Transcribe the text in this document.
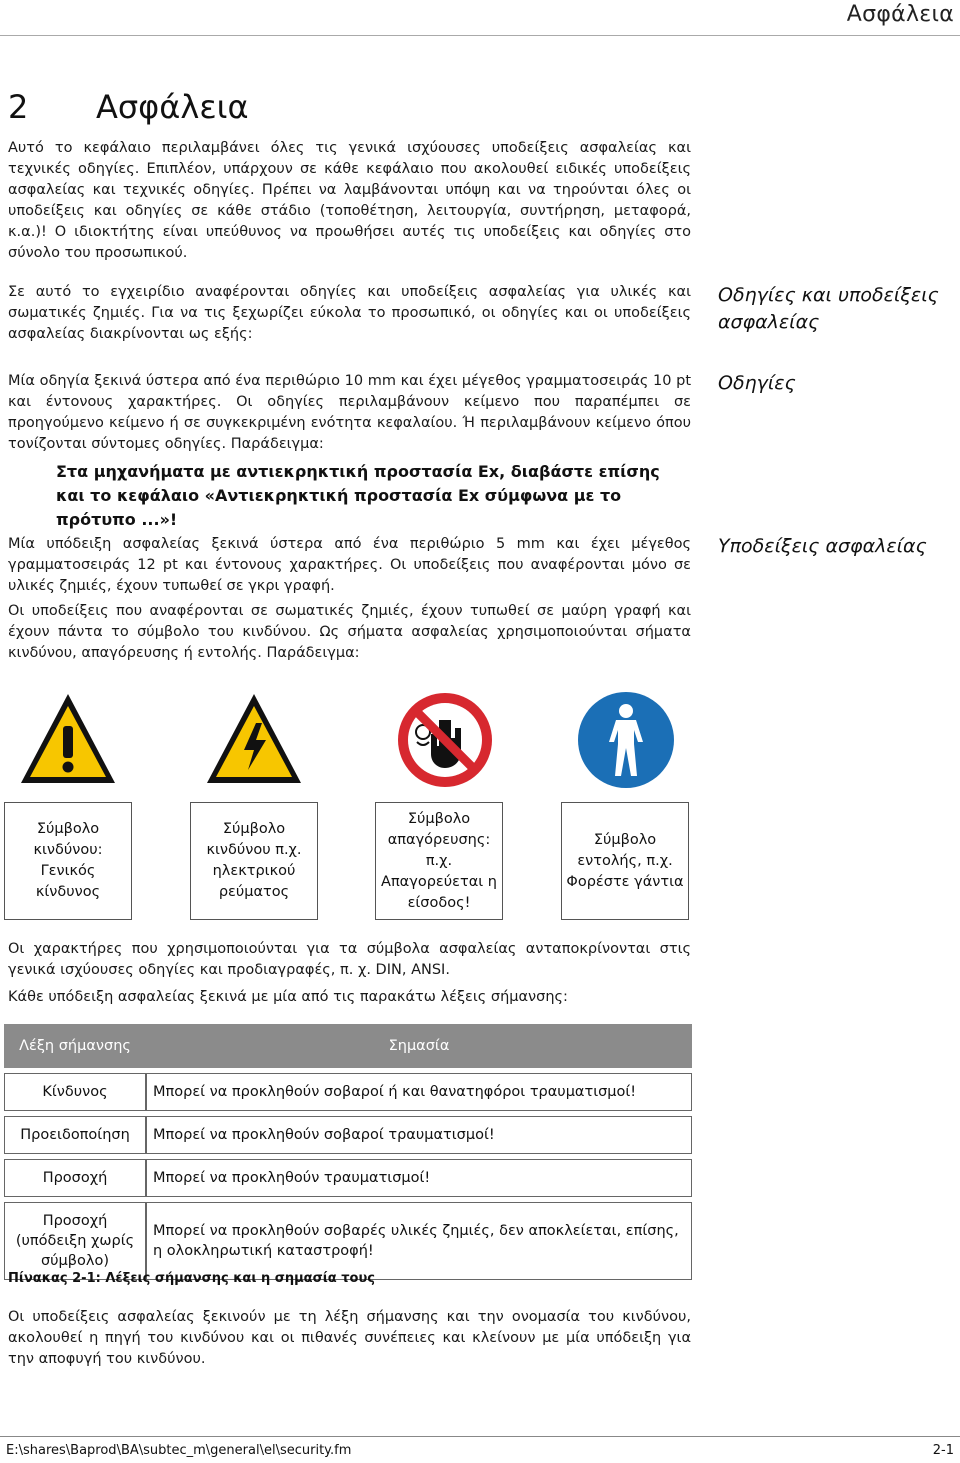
Ασφάλεια
2 Ασφάλεια
Αυτό το κεφάλαιο περιλαμβάνει όλες τις γενικά ισχύουσες υποδείξεις ασφαλείας και τεχνικές οδηγίες. Επιπλέον, υπάρχουν σε κάθε κεφάλαιο που ακολουθεί ειδικές υποδείξεις ασφαλείας και τεχνικές οδηγίες. Πρέπει να λαμβάνονται υπόψη και να τηρούνται όλες οι υποδείξεις και οδηγίες σε κάθε στάδιο (τοποθέτηση, λειτουργία, συντήρηση, μεταφορά, κ.α.)! Ο ιδιοκτήτης είναι υπεύθυνος να προωθήσει αυτές τις υποδείξεις και οδηγίες στο σύνολο του προσωπικού.
Σε αυτό το εγχειρίδιο αναφέρονται οδηγίες και υποδείξεις ασφαλείας για υλικές και σωματικές ζημιές. Για να τις ξεχωρίζει εύκολα το προσωπικό, οι οδηγίες και οι υποδείξεις ασφαλείας διακρίνονται ως εξής:
Οδηγίες και υποδείξεις ασφαλείας
Μία οδηγία ξεκινά ύστερα από ένα περιθώριο 10 mm και έχει μέγεθος γραμματοσειράς 10 pt και έντονους χαρακτήρες. Οι οδηγίες περιλαμβάνουν κείμενο που παραπέμπει σε προηγούμενο κείμενο ή σε συγκεκριμένη ενότητα κεφαλαίου. Ή περιλαμβάνουν κείμενο όπου τονίζονται σύντομες οδηγίες. Παράδειγμα:
Οδηγίες
Στα μηχανήματα με αντιεκρηκτική προστασία Ex, διαβάστε επίσης και το κεφάλαιο «Αντιεκρηκτική προστασία Ex σύμφωνα με το πρότυπο ...»!
Μία υπόδειξη ασφαλείας ξεκινά ύστερα από ένα περιθώριο 5 mm και έχει μέγεθος γραμματοσειράς 12 pt και έντονους χαρακτήρες. Οι υποδείξεις που αναφέρονται μόνο σε υλικές ζημιές, έχουν τυπωθεί σε γκρι γραφή.
Υποδείξεις ασφαλείας
Οι υποδείξεις που αναφέρονται σε σωματικές ζημιές, έχουν τυπωθεί σε μαύρη γραφή και έχουν πάντα το σύμβολο του κινδύνου. Ως σήματα ασφαλείας χρησιμοποιούνται σήματα κινδύνου, απαγόρευσης ή εντολής. Παράδειγμα:
Σύμβολο κινδύνου: Γενικός κίνδυνος
Σύμβολο κινδύνου π.χ. ηλεκτρικού ρεύματος
Σύμβολο απαγόρευσης: π.χ. Απαγορεύεται η είσοδος!
Σύμβολο εντολής, π.χ. Φορέστε γάντια
Οι χαρακτήρες που χρησιμοποιούνται για τα σύμβολα ασφαλείας ανταποκρίνονται στις γενικά ισχύουσες οδηγίες και προδιαγραφές, π. χ. DIN, ANSI.
Κάθε υπόδειξη ασφαλείας ξεκινά με μία από τις παρακάτω λέξεις σήμανσης:
Λέξη σήμανσης	Σημασία
Κίνδυνος	Μπορεί να προκληθούν σοβαροί ή και θανατηφόροι τραυματισμοί!
Προειδοποίηση	Μπορεί να προκληθούν σοβαροί τραυματισμοί!
Προσοχή	Μπορεί να προκληθούν τραυματισμοί!
Προσοχή (υπόδειξη χωρίς σύμβολο)	Μπορεί να προκληθούν σοβαρές υλικές ζημιές, δεν αποκλείεται, επίσης, η ολοκληρωτική καταστροφή!
Πίνακας 2-1: Λέξεις σήμανσης και η σημασία τους
Οι υποδείξεις ασφαλείας ξεκινούν με τη λέξη σήμανσης και την ονομασία του κινδύνου, ακολουθεί η πηγή του κινδύνου και οι πιθανές συνέπειες και κλείνουν με μία υπόδειξη για την αποφυγή του κινδύνου.
E:\shares\Baprod\BA\subtec_m\general\el\security.fm	2-1
